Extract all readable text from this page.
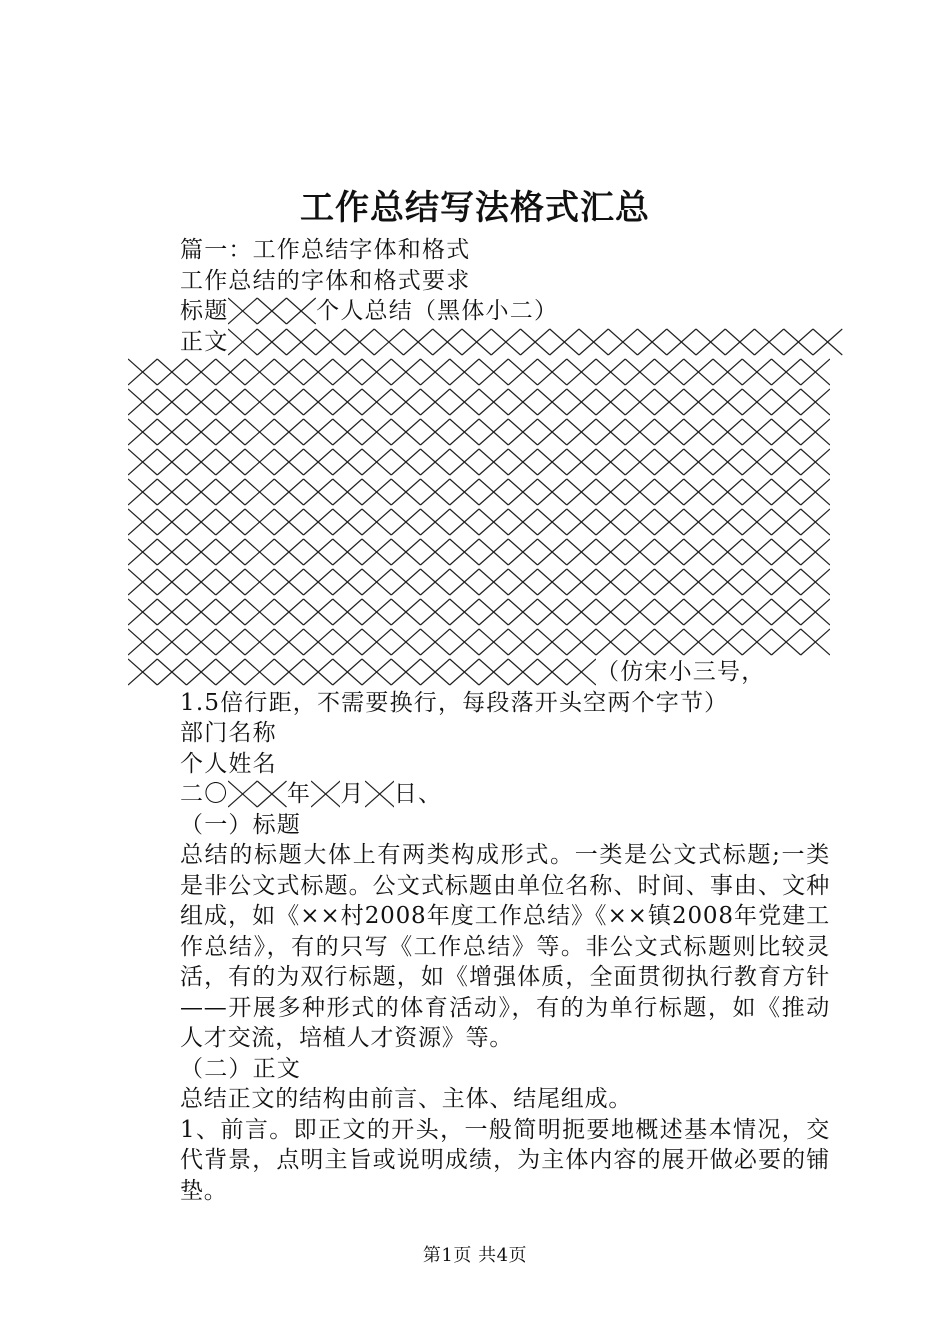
工作总结写法格式汇总

篇一：工作总结字体和格式

工作总结的字体和格式要求

标题	个人总结（黑体小二）

正文

（仿宋小三号，

1.5倍行距，不需要换行，每段落开头空两个字节）

部门名称

个人姓名

二〇	年 月 日、

（一）标题

总结的标题大体上有两类构成形式。一类是公文式标题;一类是非公文式标题。公文式标题由单位名称、时间、事由、文种组成，如《××村2008年度工作总结》《××镇2008年党建工作总结》，有的只写《工作总结》等。非公文式标题则比较灵活，有的为双行标题，如《增强体质，全面贯彻执行教育方针——开展多种形式的体育活动》，有的为单行标题，如《推动人才交流，培植人才资源》等。

（二）正文

总结正文的结构由前言、主体、结尾组成。

1、前言。即正文的开头，一般简明扼要地概述基本情况，交代背景，点明主旨或说明成绩，为主体内容的展开做必要的铺垫。

第1页 共4页
